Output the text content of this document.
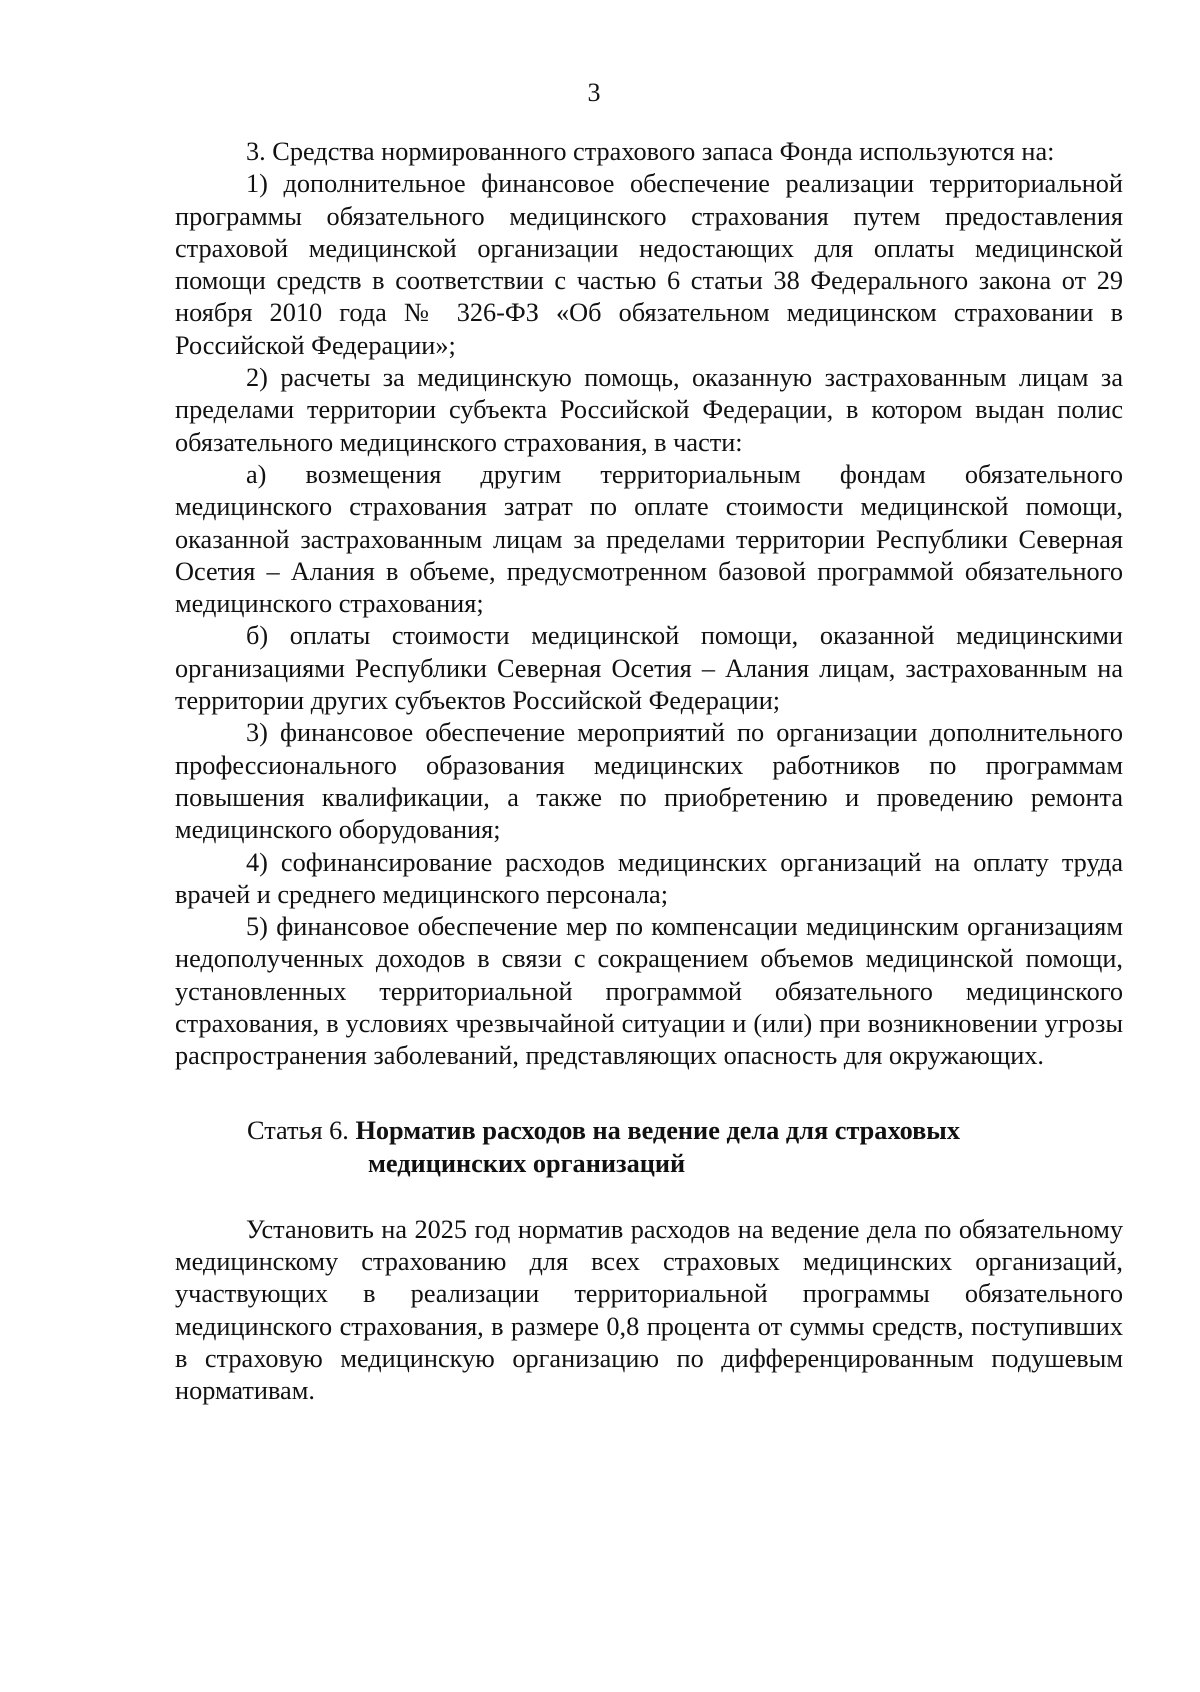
3

3. Средства нормированного страхового запаса Фонда используются на:

1) дополнительное финансовое обеспечение реализации территориальной программы обязательного медицинского страхования путем предоставления страховой медицинской организации недостающих для оплаты медицинской помощи средств в соответствии с частью 6 статьи 38 Федерального закона от 29 ноября 2010 года № 326-ФЗ «Об обязательном медицинском страховании в Российской Федерации»;

2) расчеты за медицинскую помощь, оказанную застрахованным лицам за пределами территории субъекта Российской Федерации, в котором выдан полис обязательного медицинского страхования, в части:

а) возмещения другим территориальным фондам обязательного медицинского страхования затрат по оплате стоимости медицинской помощи, оказанной застрахованным лицам за пределами территории Республики Северная Осетия – Алания в объеме, предусмотренном базовой программой обязательного медицинского страхования;

б) оплаты стоимости медицинской помощи, оказанной медицинскими организациями Республики Северная Осетия – Алания лицам, застрахованным на территории других субъектов Российской Федерации;

3) финансовое обеспечение мероприятий по организации дополнительного профессионального образования медицинских работников по программам повышения квалификации, а также по приобретению и проведению ремонта медицинского оборудования;

4) софинансирование расходов медицинских организаций на оплату труда врачей и среднего медицинского персонала;

5) финансовое обеспечение мер по компенсации медицинским организациям недополученных доходов в связи с сокращением объемов медицинской помощи, установленных территориальной программой обязательного медицинского страхования, в условиях чрезвычайной ситуации и (или) при возникновении угрозы распространения заболеваний, представляющих опасность для окружающих.

Статья 6. Норматив расходов на ведение дела для страховых
медицинских организаций

Установить на 2025 год норматив расходов на ведение дела по обязательному медицинскому страхованию для всех страховых медицинских организаций, участвующих в реализации территориальной программы обязательного медицинского страхования, в размере 0,8 процента от суммы средств, поступивших в страховую медицинскую организацию по дифференцированным подушевым нормативам.
